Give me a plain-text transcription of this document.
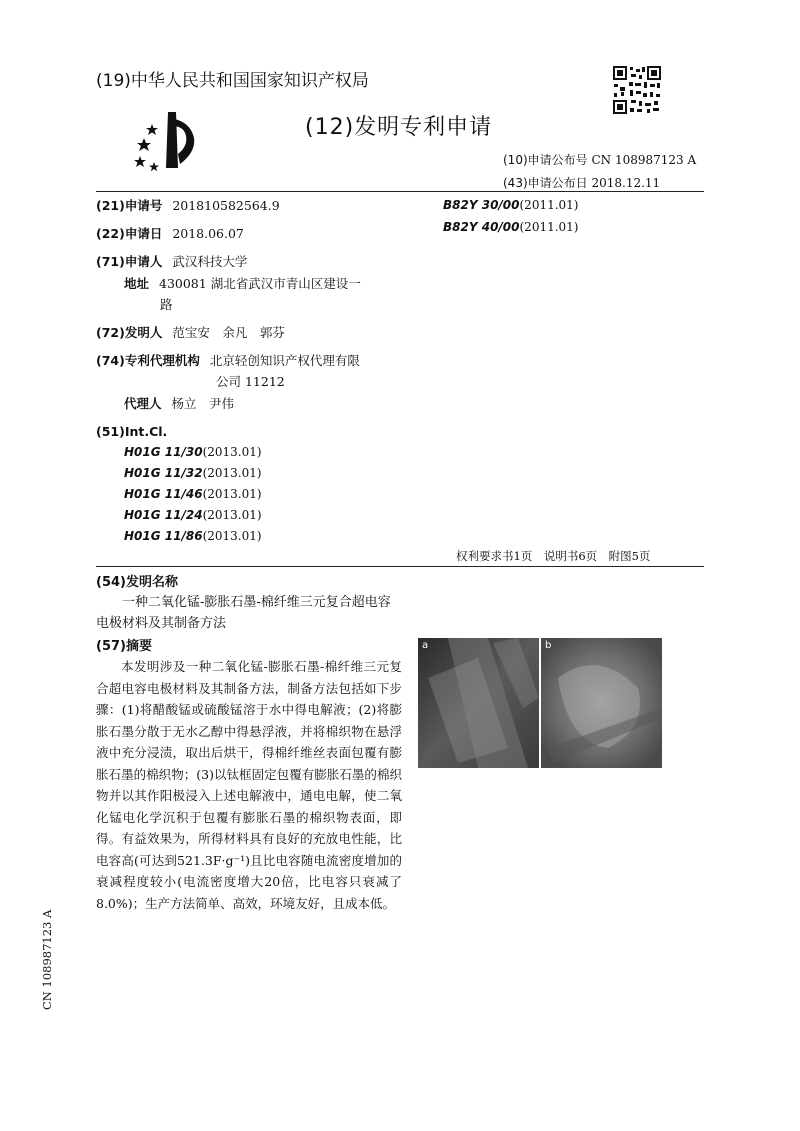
(19)中华人民共和国国家知识产权局
(12)发明专利申请
(10)申请公布号 CN 108987123 A
(43)申请公布日 2018.12.11
(21)申请号 201810582564.9
(22)申请日 2018.06.07
(71)申请人 武汉科技大学
地址 430081 湖北省武汉市青山区建设一
路
(72)发明人 范宝安　余凡　郭芬
(74)专利代理机构 北京轻创知识产权代理有限
公司 11212
代理人 杨立　尹伟
(51)Int.Cl.
H01G 11/30(2013.01)
H01G 11/32(2013.01)
H01G 11/46(2013.01)
H01G 11/24(2013.01)
H01G 11/86(2013.01)
B82Y 30/00(2011.01)
B82Y 40/00(2011.01)
权利要求书1页　说明书6页　附图5页
(54)发明名称
一种二氧化锰-膨胀石墨-棉纤维三元复合超电容电极材料及其制备方法
(57)摘要
本发明涉及一种二氧化锰-膨胀石墨-棉纤维三元复合超电容电极材料及其制备方法，制备方法包括如下步骤：(1)将醋酸锰或硫酸锰溶于水中得电解液；(2)将膨胀石墨分散于无水乙醇中得悬浮液，并将棉织物在悬浮液中充分浸渍，取出后烘干，得棉纤维丝表面包覆有膨胀石墨的棉织物；(3)以钛框固定包覆有膨胀石墨的棉织物并以其作阳极浸入上述电解液中，通电电解，使二氧化锰电化学沉积于包覆有膨胀石墨的棉织物表面，即得。有益效果为，所得材料具有良好的充放电性能，比电容高(可达到521.3F·g⁻¹)且比电容随电流密度增加的衰减程度较小(电流密度增大20倍，比电容只衰减了8.0%)；生产方法简单、高效，环境友好，且成本低。
a	b
CN 108987123 A
